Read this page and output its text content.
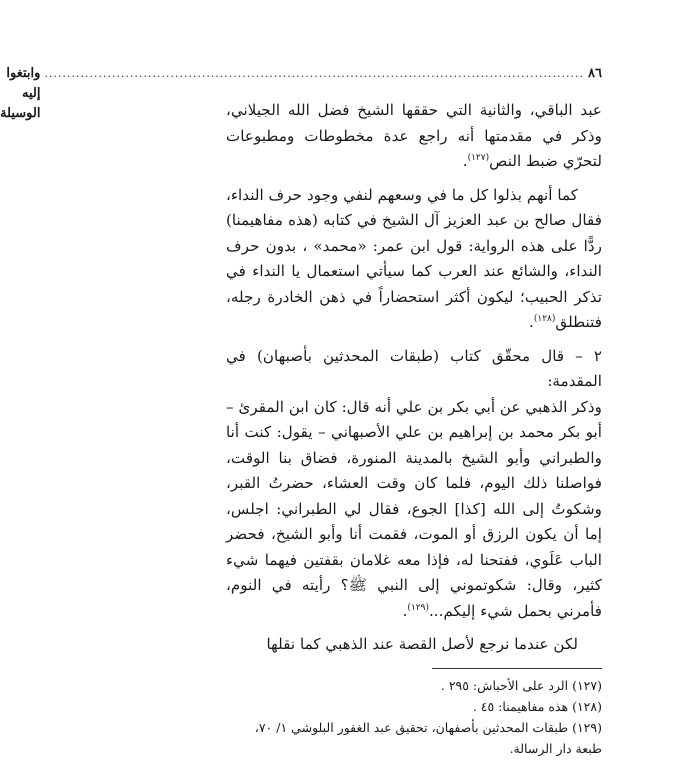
٨٦
........................................................................................................................
وابتغوا إليه الوسيلة	عبد الباقي، والثانية التي حققها الشيخ فضل الله الجيلاني، وذكر في مقدمتها أنه راجع عدة مخطوطات ومطبوعات لتحرّي ضبط النص$^{(١٢٧)}$.

كما أنهم بذلوا كل ما في وسعهم لنفي وجود حرف النداء، فقال صالح بن عبد العزيز آل الشيخ في كتابه (هذه مفاهيمنا) ردًّا على هذه الرواية: قول ابن عمر: «محمد» ، بدون حرف النداء، والشائع عند العرب كما سيأتي استعمال يا النداء في تذكر الحبيب؛ ليكون أكثر استحضاراً في ذهن الخادرة رجله، فتنطلق$^{(١٢٨)}$.

٢ – قال محقّق كتاب (طبقات المحدثين بأصبهان) في المقدمة:

وذكر الذهبي عن أبي بكر بن علي أنه قال: كان ابن المقرئ – أبو بكر محمد بن إبراهيم بن علي الأصبهاني – يقول: كنت أنا والطبراني وأبو الشيخ بالمدينة المنورة، فضاق بنا الوقت، فواصلنا ذلك اليوم، فلما كان وقت العشاء، حضرتُ القبر، وشكوتُ إلى الله [كذا] الجوع، فقال لي الطبراني: اجلس، إما أن يكون الرزق أو الموت، فقمت أنا وأبو الشيخ، فحضر الباب عَلَوي، ففتحنا له، فإذا معه غلامان بقفتين فيهما شيء كثير، وقال: شكوتموني إلى النبي ﷺ؟ رأيته في النوم، فأمرني بحمل شيء إليكم...$^{(١٢٩)}$.

لكن عندما نرجع لأصل القصة عند الذهبي كما نقلها

(١٢٧)الرد على الأحباش: ٢٩٥ .

(١٢٨)هذه مفاهيمنا: ٤٥ .

(١٢٩)طبقات المحدثين بأصفهان، تحقيق عبد الغفور البلوشي ١/ ٧٠، طبعة دار الرسالة.
